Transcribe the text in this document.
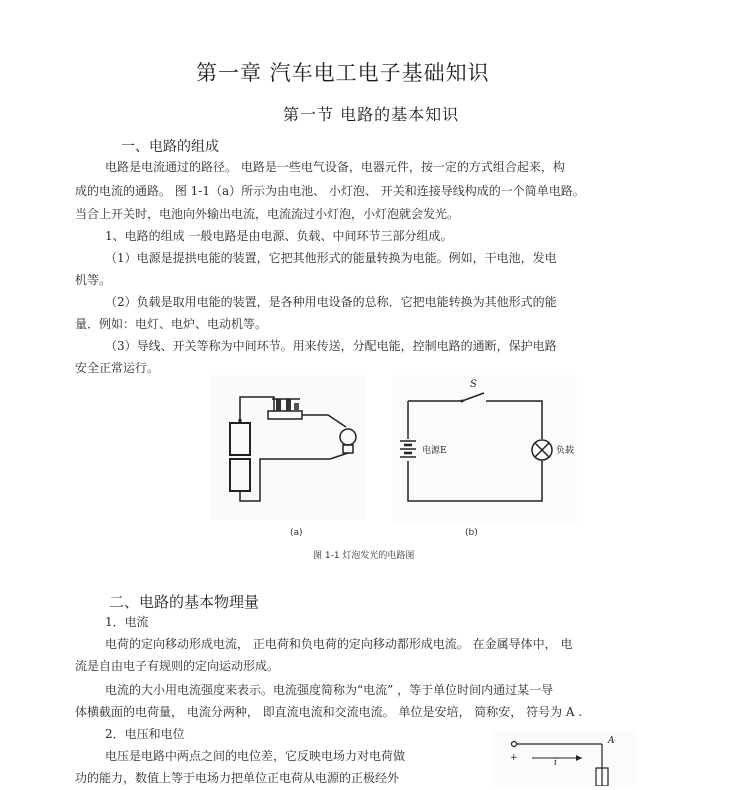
第一章 汽车电工电子基础知识
第一节 电路的基本知识
一、电路的组成
电路是电流通过的路径。 电路是一些电气设备，电器元件，按一定的方式组合起来，构
成的电流的通路。 图 1-1（a）所示为由电池、 小灯泡、 开关和连接导线构成的一个简单电路。
当合上开关时，电池向外输出电流，电流流过小灯泡，小灯泡就会发光。
1、电路的组成 一般电路是由电源、负载、中间环节三部分组成。
（1）电源是提拱电能的装置，它把其他形式的能量转换为电能。例如，干电池，发电
机等。
（2）负载是取用电能的装置，是各种用电设备的总称．它把电能转换为其他形式的能
量．例如：电灯、电炉、电动机等。
（3）导线、开关等称为中间环节。用来传送，分配电能，控制电路的通断，保护电路
安全正常运行。
S
电源E	负载
(a)	(b)
图 1-1 灯泡发光的电路图
二、电路的基本物理量
1．电流
电荷的定向移动形成电流， 正电荷和负电荷的定向移动都形成电流。 在金属导体中， 电
流是自由电子有规则的定向运动形成。
电流的大小用电流强度来表示。电流强度简称为“电流” ，等于单位时间内通过某一导
体横截面的电荷量， 电流分两种， 即直流电流和交流电流。 单位是安培， 简称安， 符号为 A .
2．电压和电位
电压是电路中两点之间的电位差，它反映电场力对电荷做
功的能力，数值上等于电场力把单位正电荷从电源的正极经外
+
A
i
